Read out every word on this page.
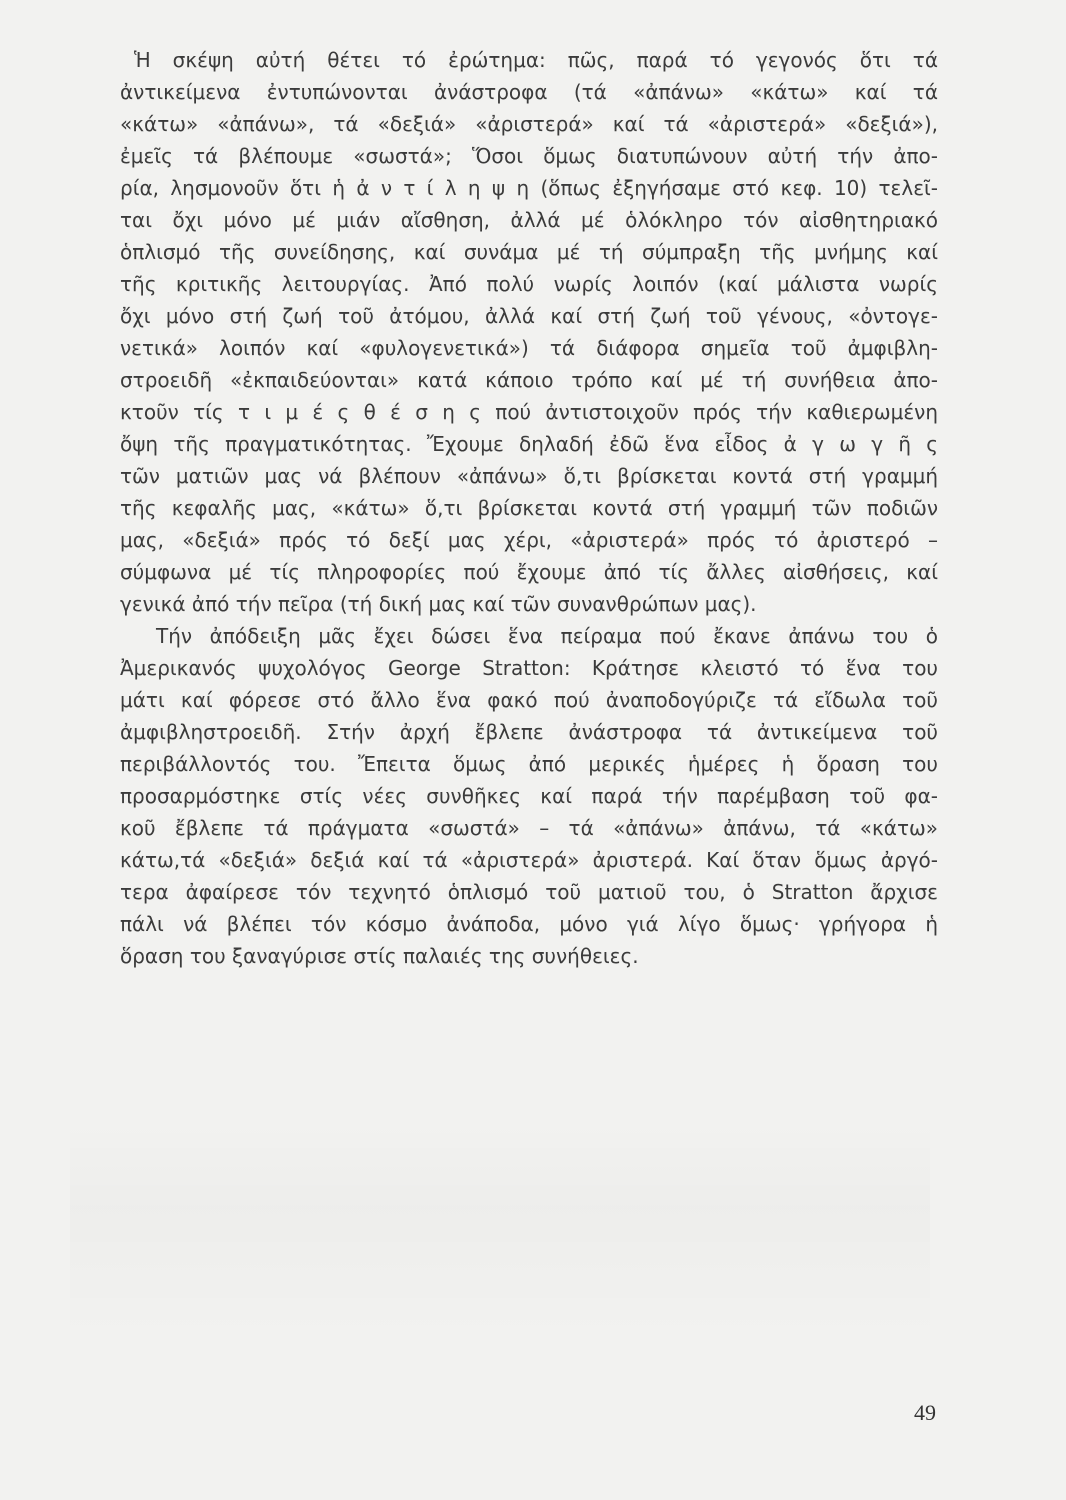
Ἡ σκέψη αὐτή θέτει τό ἐρώτημα: πῶς, παρά τό γεγονός ὅτι τά
ἀντικείμενα ἐντυπώνονται ἀνάστροφα (τά «ἀπάνω» «κάτω» καί τά
«κάτω» «ἀπάνω», τά «δεξιά» «ἀριστερά» καί τά «ἀριστερά» «δεξιά»),
ἐμεῖς τά βλέπουμε «σωστά»; Ὅσοι ὅμως διατυπώνουν αὐτή τήν ἀπο-
ρία, λησμονοῦν ὅτι ἡ ἀ ν τ ί λ η ψ η (ὅπως ἐξηγήσαμε στό κεφ. 10) τελεῖ-
ται ὄχι μόνο μέ μιάν αἴσθηση, ἀλλά μέ ὁλόκληρο τόν αἰσθητηριακό
ὁπλισμό τῆς συνείδησης, καί συνάμα μέ τή σύμπραξη τῆς μνήμης καί
τῆς κριτικῆς λειτουργίας. Ἀπό πολύ νωρίς λοιπόν (καί μάλιστα νωρίς
ὄχι μόνο στή ζωή τοῦ ἀτόμου, ἀλλά καί στή ζωή τοῦ γένους, «ὀντογε-
νετικά» λοιπόν καί «φυλογενετικά») τά διάφορα σημεῖα τοῦ ἀμφιβλη-
στροειδῆ «ἐκπαιδεύονται» κατά κάποιο τρόπο καί μέ τή συνήθεια ἀπο-
κτοῦν τίς τ ι μ έ ς θ έ σ η ς πού ἀντιστοιχοῦν πρός τήν καθιερωμένη
ὄψη τῆς πραγματικότητας. Ἔχουμε δηλαδή ἐδῶ ἕνα εἶδος ἀ γ ω γ ῆ ς
τῶν ματιῶν μας νά βλέπουν «ἀπάνω» ὅ,τι βρίσκεται κοντά στή γραμμή
τῆς κεφαλῆς μας, «κάτω» ὅ,τι βρίσκεται κοντά στή γραμμή τῶν ποδιῶν
μας, «δεξιά» πρός τό δεξί μας χέρι, «ἀριστερά» πρός τό ἀριστερό –
σύμφωνα μέ τίς πληροφορίες πού ἔχουμε ἀπό τίς ἄλλες αἰσθήσεις, καί
γενικά ἀπό τήν πεῖρα (τή δική μας καί τῶν συνανθρώπων μας).
Τήν ἀπόδειξη μᾶς ἔχει δώσει ἕνα πείραμα πού ἔκανε ἀπάνω του ὁ
Ἀμερικανός ψυχολόγος George Stratton: Κράτησε κλειστό τό ἕνα του
μάτι καί φόρεσε στό ἄλλο ἕνα φακό πού ἀναποδογύριζε τά εἴδωλα τοῦ
ἀμφιβληστροειδῆ. Στήν ἀρχή ἔβλεπε ἀνάστροφα τά ἀντικείμενα τοῦ
περιβάλλοντός του. Ἔπειτα ὅμως ἀπό μερικές ἡμέρες ἡ ὅραση του
προσαρμόστηκε στίς νέες συνθῆκες καί παρά τήν παρέμβαση τοῦ φα-
κοῦ ἔβλεπε τά πράγματα «σωστά» – τά «ἀπάνω» ἀπάνω, τά «κάτω»
κάτω,τά «δεξιά» δεξιά καί τά «ἀριστερά» ἀριστερά. Καί ὅταν ὅμως ἀργό-
τερα ἀφαίρεσε τόν τεχνητό ὁπλισμό τοῦ ματιοῦ του, ὁ Stratton ἄρχισε
πάλι νά βλέπει τόν κόσμο ἀνάποδα, μόνο γιά λίγο ὅμως· γρήγορα ἡ
ὅραση του ξαναγύρισε στίς παλαιές της συνήθειες.
49
